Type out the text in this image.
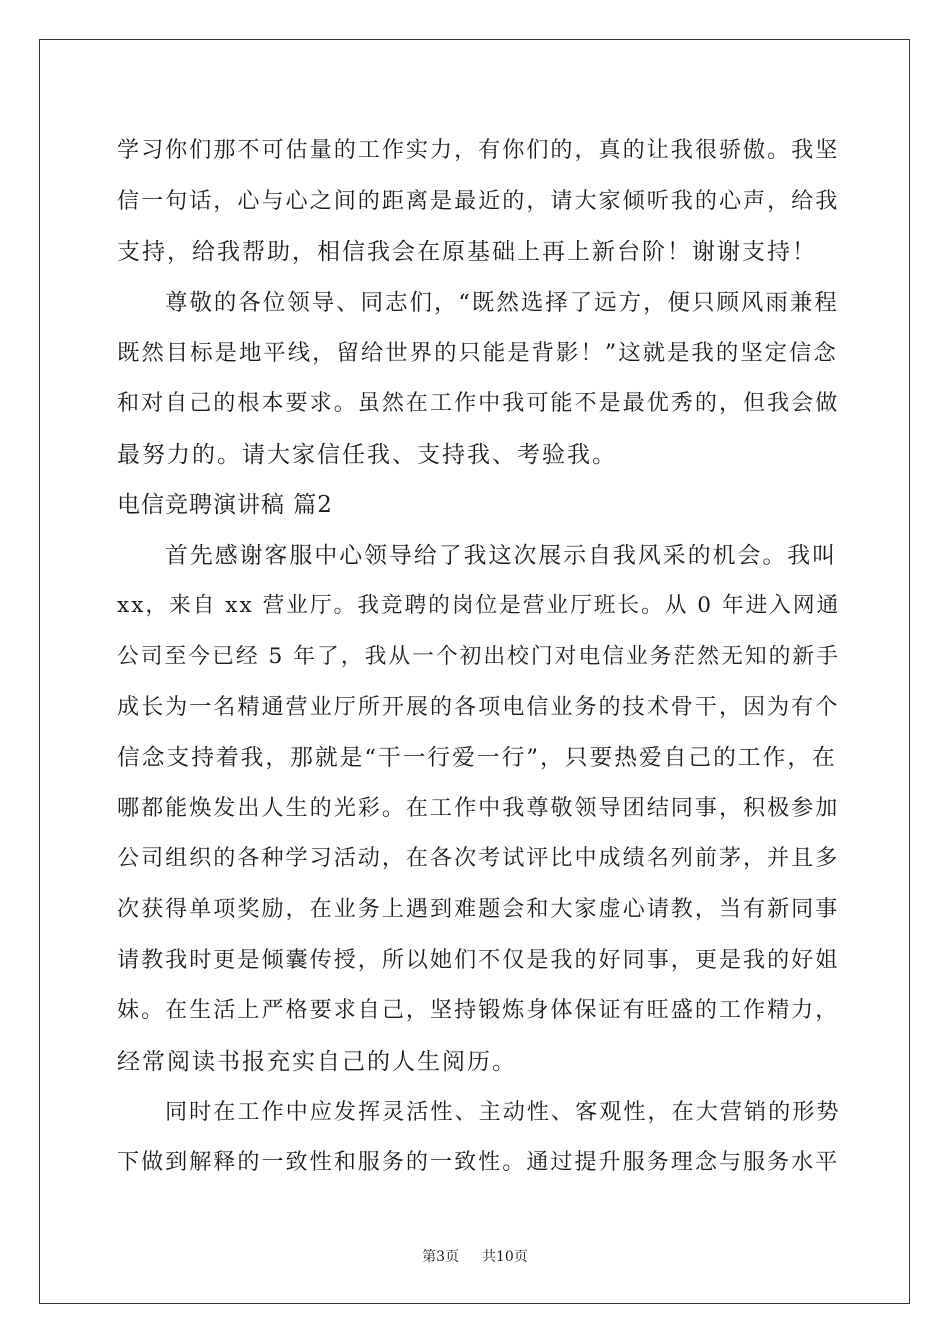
学习你们那不可估量的工作实力，有你们的，真的让我很骄傲。我坚
信一句话，心与心之间的距离是最近的，请大家倾听我的心声，给我
支持，给我帮助，相信我会在原基础上再上新台阶！谢谢支持！
尊敬的各位领导、同志们，“既然选择了远方，便只顾风雨兼程
既然目标是地平线，留给世界的只能是背影！”这就是我的坚定信念
和对自己的根本要求。虽然在工作中我可能不是最优秀的，但我会做
最努力的。请大家信任我、支持我、考验我。
电信竞聘演讲稿 篇2
首先感谢客服中心领导给了我这次展示自我风采的机会。我叫
xx，来自 xx 营业厅。我竞聘的岗位是营业厅班长。从 0 年进入网通
公司至今已经 5 年了，我从一个初出校门对电信业务茫然无知的新手
成长为一名精通营业厅所开展的各项电信业务的技术骨干，因为有个
信念支持着我，那就是“干一行爱一行”，只要热爱自己的工作，在
哪都能焕发出人生的光彩。在工作中我尊敬领导团结同事，积极参加
公司组织的各种学习活动，在各次考试评比中成绩名列前茅，并且多
次获得单项奖励，在业务上遇到难题会和大家虚心请教，当有新同事
请教我时更是倾囊传授，所以她们不仅是我的好同事，更是我的好姐
妹。在生活上严格要求自己，坚持锻炼身体保证有旺盛的工作精力，
经常阅读书报充实自己的人生阅历。
同时在工作中应发挥灵活性、主动性、客观性，在大营销的形势
下做到解释的一致性和服务的一致性。通过提升服务理念与服务水平
第3页 共10页
